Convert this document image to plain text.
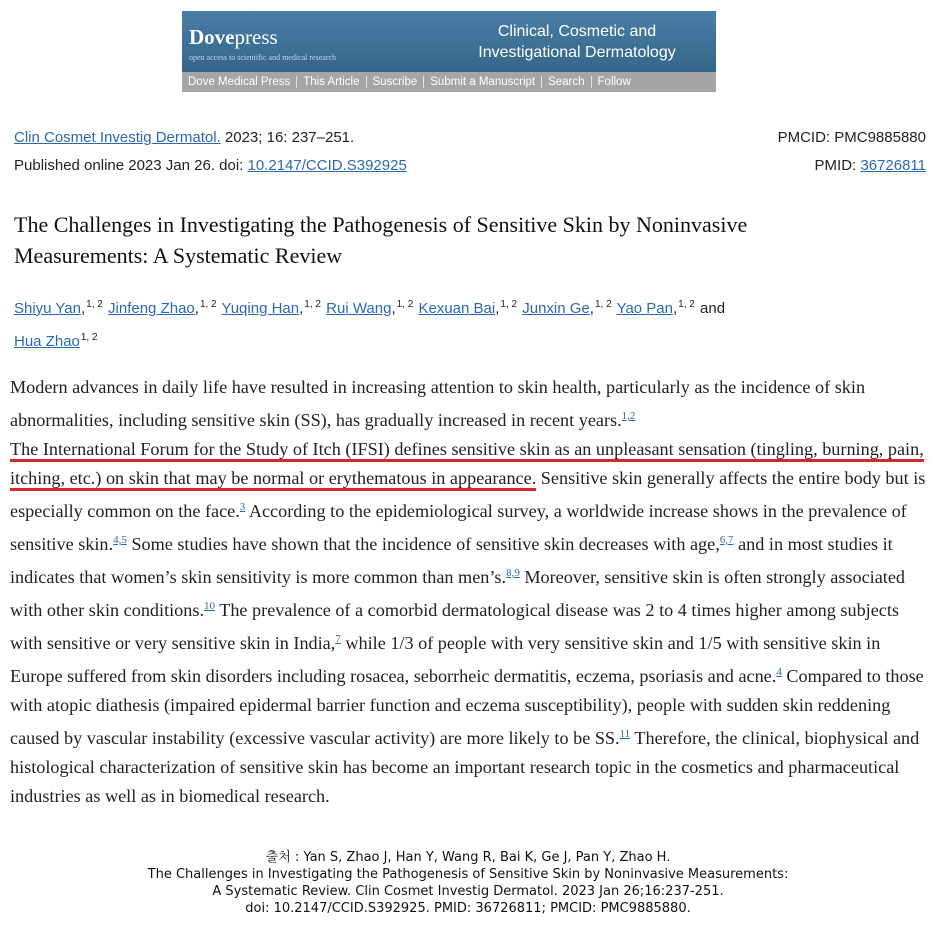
Dovepress
open access to scientific and medical research
Clinical, Cosmetic and
Investigational Dermatology
Dove Medical Press	This Article	Suscribe	Submit a Manuscript	Search	Follow
Clin Cosmet Investig Dermatol. 2023; 16: 237–251.
Published online 2023 Jan 26. doi: 10.2147/CCID.S392925
PMCID: PMC9885880
PMID: 36726811
The Challenges in Investigating the Pathogenesis of Sensitive Skin by Noninvasive
Measurements: A Systematic Review
Shiyu Yan,$^{1, 2}$ Jinfeng Zhao,$^{1, 2}$ Yuqing Han,$^{1, 2}$ Rui Wang,$^{1, 2}$ Kexuan Bai,$^{1, 2}$ Junxin Ge,$^{1, 2}$ Yao Pan,$^{1, 2}$ and
Hua Zhao$^{1, 2}$
Modern advances in daily life have resulted in increasing attention to skin health, particularly as the incidence of skin abnormalities, including sensitive skin (SS), has gradually increased in recent years.$^{1,2}$
The International Forum for the Study of Itch (IFSI) defines sensitive skin as an unpleasant sensation (tingling, burning, pain, itching, etc.) on skin that may be normal or erythematous in appearance. Sensitive skin generally affects the entire body but is especially common on the face.$^3$ According to the epidemiological survey, a worldwide increase shows in the prevalence of sensitive skin.$^{4,5}$ Some studies have shown that the incidence of sensitive skin decreases with age,$^{6,7}$ and in most studies it indicates that women’s skin sensitivity is more common than men’s.$^{8,9}$ Moreover, sensitive skin is often strongly associated with other skin conditions.$^{10}$ The prevalence of a comorbid dermatological disease was 2 to 4 times higher among subjects with sensitive or very sensitive skin in India,$^7$ while 1/3 of people with very sensitive skin and 1/5 with sensitive skin in Europe suffered from skin disorders including rosacea, seborrheic dermatitis, eczema, psoriasis and acne.$^4$ Compared to those with atopic diathesis (impaired epidermal barrier function and eczema susceptibility), people with sudden skin reddening caused by vascular instability (excessive vascular activity) are more likely to be SS.$^{11}$ Therefore, the clinical, biophysical and histological characterization of sensitive skin has become an important research topic in the cosmetics and pharmaceutical industries as well as in biomedical research.
출처 : Yan S, Zhao J, Han Y, Wang R, Bai K, Ge J, Pan Y, Zhao H.
The Challenges in Investigating the Pathogenesis of Sensitive Skin by Noninvasive Measurements:
A Systematic Review. Clin Cosmet Investig Dermatol. 2023 Jan 26;16:237-251.
doi: 10.2147/CCID.S392925. PMID: 36726811; PMCID: PMC9885880.
